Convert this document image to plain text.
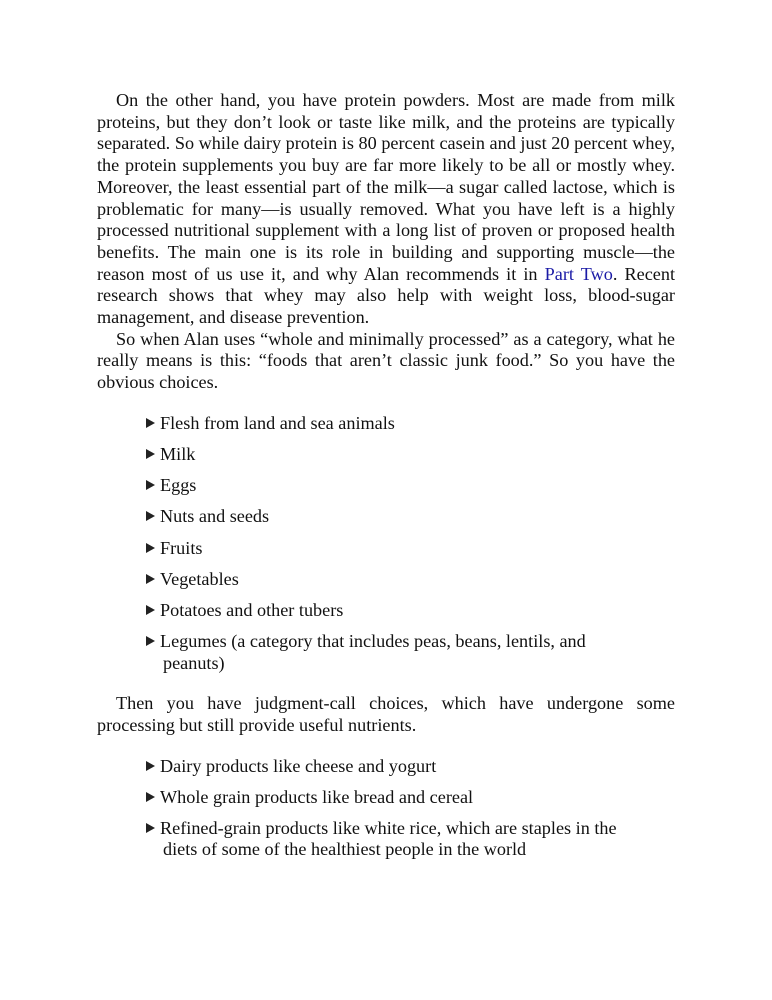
On the other hand, you have protein powders. Most are made from milk proteins, but they don’t look or taste like milk, and the proteins are typically separated. So while dairy protein is 80 percent casein and just 20 percent whey, the protein supplements you buy are far more likely to be all or mostly whey. Moreover, the least essential part of the milk—a sugar called lactose, which is problematic for many—is usually removed. What you have left is a highly processed nutritional supplement with a long list of proven or proposed health benefits. The main one is its role in building and supporting muscle—the reason most of us use it, and why Alan recommends it in Part Two. Recent research shows that whey may also help with weight loss, blood-sugar management, and disease prevention.

So when Alan uses “whole and minimally processed” as a category, what he really means is this: “foods that aren’t classic junk food.” So you have the obvious choices.

Flesh from land and sea animals
Milk
Eggs
Nuts and seeds
Fruits
Vegetables
Potatoes and other tubers
Legumes (a category that includes peas, beans, lentils, and
peanuts)

Then you have judgment-call choices, which have undergone some processing but still provide useful nutrients.

Dairy products like cheese and yogurt
Whole grain products like bread and cereal
Refined-grain products like white rice, which are staples in the
diets of some of the healthiest people in the world
